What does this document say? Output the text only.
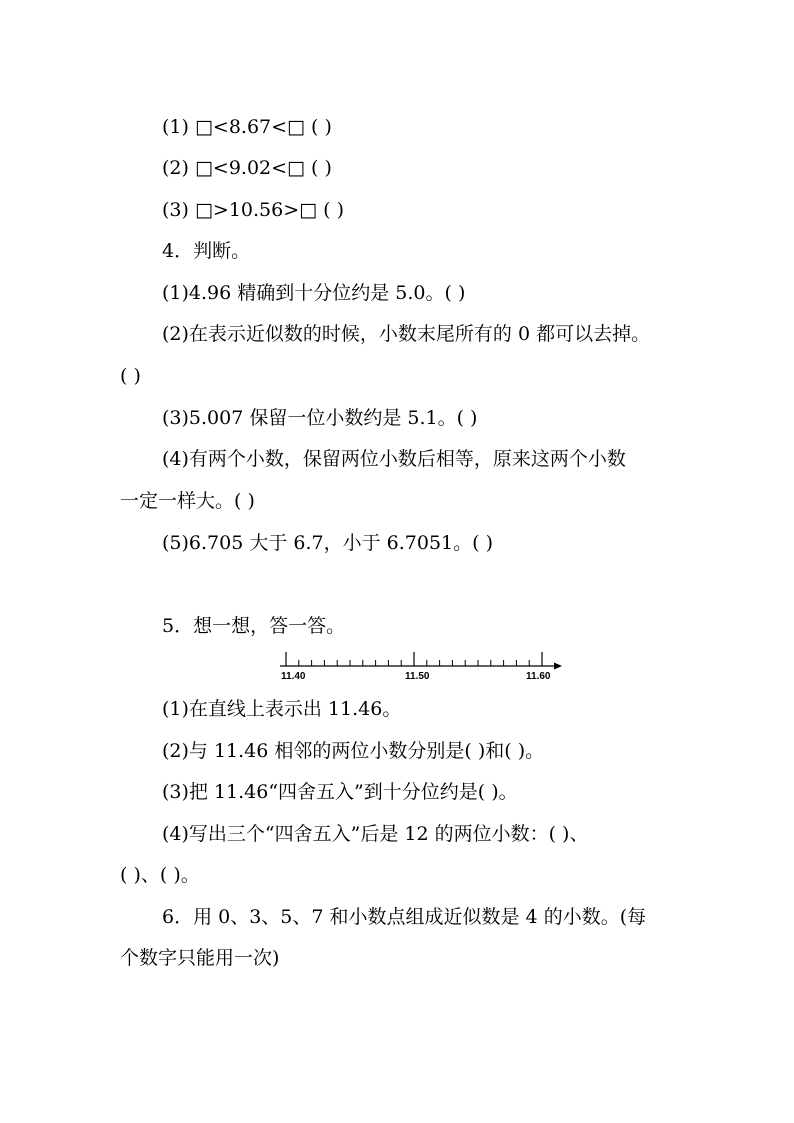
(1) □<8.67<□ ( )
(2) □<9.02<□ ( )
(3) □>10.56>□ ( )
4．判断。
(1)4.96 精确到十分位约是 5.0。( )
(2)在表示近似数的时候，小数末尾所有的 0 都可以去掉。
( )
(3)5.007 保留一位小数约是 5.1。( )
(4)有两个小数，保留两位小数后相等，原来这两个小数
一定一样大。( )
(5)6.705 大于 6.7，小于 6.7051。( )
5．想一想，答一答。
11.40	11.50	11.60
(1)在直线上表示出 11.46。
(2)与 11.46 相邻的两位小数分别是( )和( )。
(3)把 11.46“四舍五入”到十分位约是( )。
(4)写出三个“四舍五入”后是 12 的两位小数：( )、
( )、( )。
6．用 0、3、5、7 和小数点组成近似数是 4 的小数。(每
个数字只能用一次)
